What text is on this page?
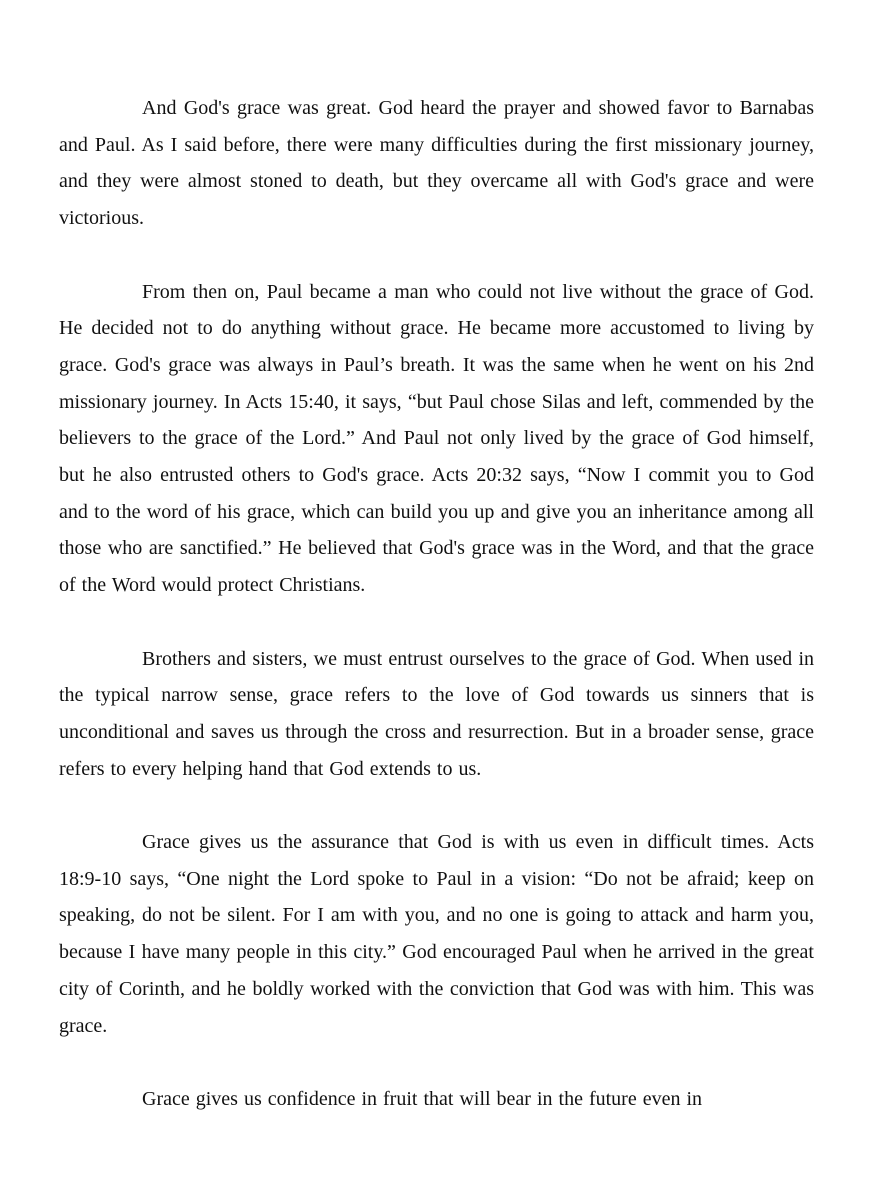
And God's grace was great. God heard the prayer and showed favor to Barnabas and Paul. As I said before, there were many difficulties during the first missionary journey, and they were almost stoned to death, but they overcame all with God's grace and were victorious.

From then on, Paul became a man who could not live without the grace of God. He decided not to do anything without grace. He became more accustomed to living by grace. God's grace was always in Paul’s breath. It was the same when he went on his 2nd missionary journey. In Acts 15:40, it says, “but Paul chose Silas and left, commended by the believers to the grace of the Lord.” And Paul not only lived by the grace of God himself, but he also entrusted others to God's grace. Acts 20:32 says, “Now I commit you to God and to the word of his grace, which can build you up and give you an inheritance among all those who are sanctified.” He believed that God's grace was in the Word, and that the grace of the Word would protect Christians.

Brothers and sisters, we must entrust ourselves to the grace of God. When used in the typical narrow sense, grace refers to the love of God towards us sinners that is unconditional and saves us through the cross and resurrection. But in a broader sense, grace refers to every helping hand that God extends to us.

Grace gives us the assurance that God is with us even in difficult times. Acts 18:9-10 says, “One night the Lord spoke to Paul in a vision: “Do not be afraid; keep on speaking, do not be silent. For I am with you, and no one is going to attack and harm you, because I have many people in this city.” God encouraged Paul when he arrived in the great city of Corinth, and he boldly worked with the conviction that God was with him. This was grace.

Grace gives us confidence in fruit that will bear in the future even in
